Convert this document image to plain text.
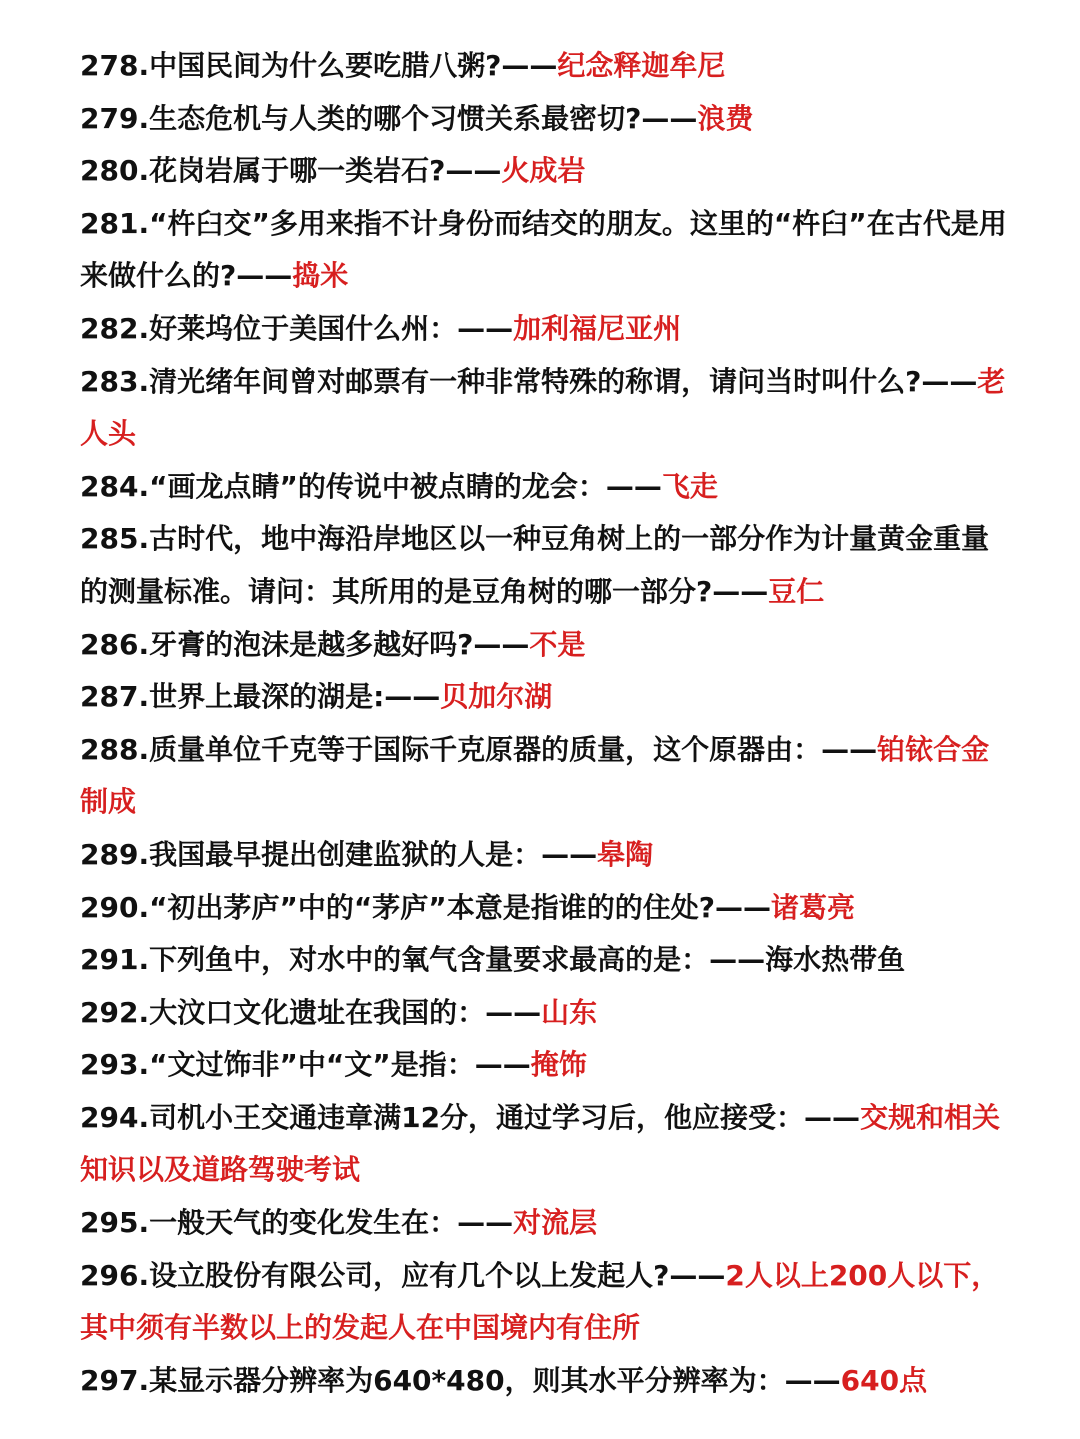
278.中国民间为什么要吃腊八粥?——纪念释迦牟尼

279.生态危机与人类的哪个习惯关系最密切?——浪费

280.花岗岩属于哪一类岩石?——火成岩

281.“杵臼交”多用来指不计身份而结交的朋友。这里的“杵臼”在古代是用来做什么的?——捣米

282.好莱坞位于美国什么州：——加利福尼亚州

283.清光绪年间曾对邮票有一种非常特殊的称谓，请问当时叫什么?——老人头

284.“画龙点睛”的传说中被点睛的龙会：——飞走

285.古时代，地中海沿岸地区以一种豆角树上的一部分作为计量黄金重量的测量标准。请问：其所用的是豆角树的哪一部分?——豆仁

286.牙膏的泡沫是越多越好吗?——不是

287.世界上最深的湖是:——贝加尔湖

288.质量单位千克等于国际千克原器的质量，这个原器由：——铂铱合金制成

289.我国最早提出创建监狱的人是：——皋陶

290.“初出茅庐”中的“茅庐”本意是指谁的的住处?——诸葛亮

291.下列鱼中，对水中的氧气含量要求最高的是：——海水热带鱼

292.大汶口文化遗址在我国的：——山东

293.“文过饰非”中“文”是指：——掩饰

294.司机小王交通违章满12分，通过学习后，他应接受：——交规和相关知识以及道路驾驶考试

295.一般天气的变化发生在：——对流层

296.设立股份有限公司，应有几个以上发起人?——2人以上200人以下，其中须有半数以上的发起人在中国境内有住所

297.某显示器分辨率为640*480，则其水平分辨率为：——640点
